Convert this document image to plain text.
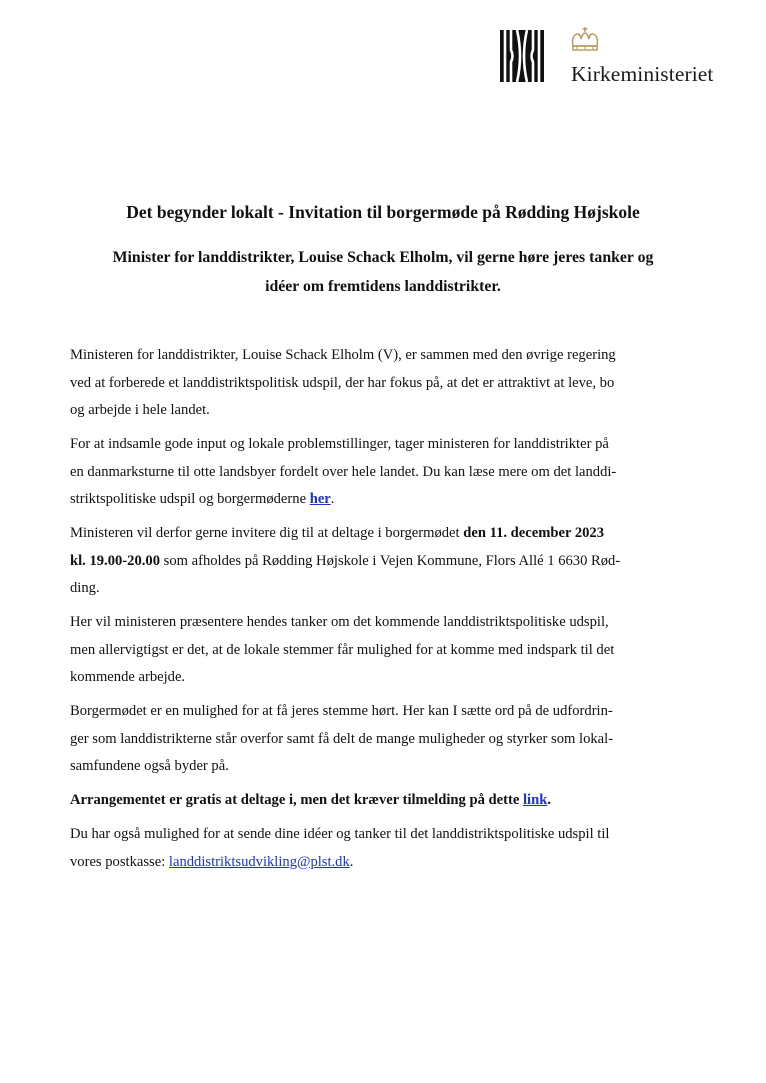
Kirkeministeriet
Det begynder lokalt - Invitation til borgermøde på Rødding Højskole
Minister for landdistrikter, Louise Schack Elholm, vil gerne høre jeres tanker og
idéer om fremtidens landdistrikter.

Ministeren for landdistrikter, Louise Schack Elholm (V), er sammen med den øvrige regering
ved at forberede et landdistriktspolitisk udspil, der har fokus på, at det er attraktivt at leve, bo
og arbejde i hele landet.

For at indsamle gode input og lokale problemstillinger, tager ministeren for landdistrikter på
en danmarksturne til otte landsbyer fordelt over hele landet. Du kan læse mere om det landdi-
striktspolitiske udspil og borgermøderne her.

Ministeren vil derfor gerne invitere dig til at deltage i borgermødet den 11. december 2023
kl. 19.00-20.00 som afholdes på Rødding Højskole i Vejen Kommune, Flors Allé 1 6630 Rød-
ding.

Her vil ministeren præsentere hendes tanker om det kommende landdistriktspolitiske udspil,
men allervigtigst er det, at de lokale stemmer får mulighed for at komme med indspark til det
kommende arbejde.

Borgermødet er en mulighed for at få jeres stemme hørt. Her kan I sætte ord på de udfordrin-
ger som landdistrikterne står overfor samt få delt de mange muligheder og styrker som lokal-
samfundene også byder på.

Arrangementet er gratis at deltage i, men det kræver tilmelding på dette link.

Du har også mulighed for at sende dine idéer og tanker til det landdistriktspolitiske udspil til
vores postkasse: landdistriktsudvikling@plst.dk.
